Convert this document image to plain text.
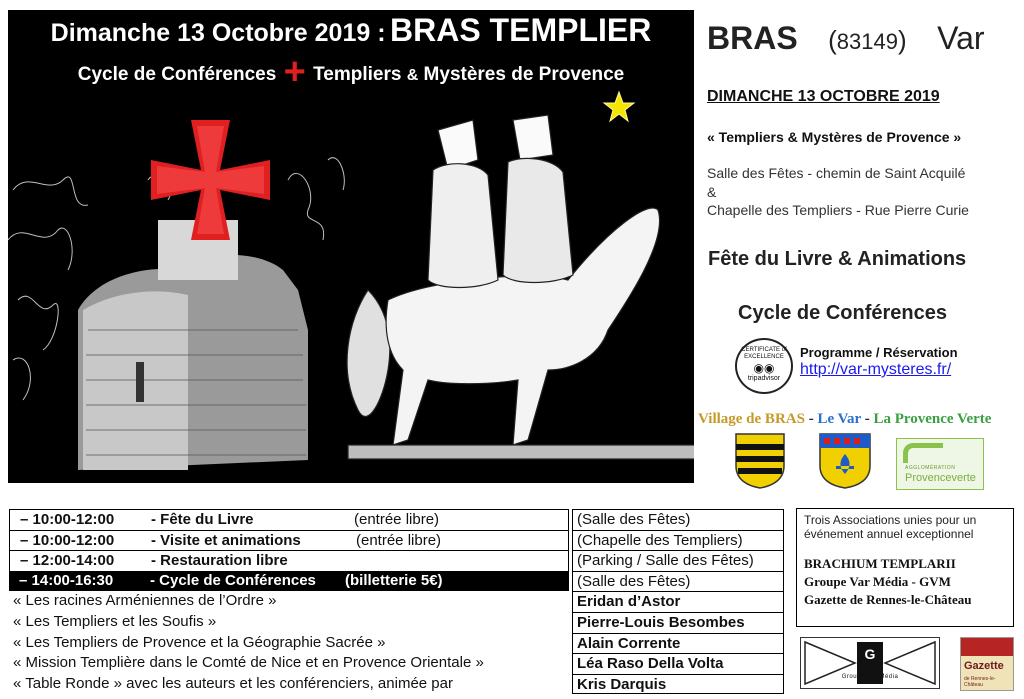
Dimanche 13 Octobre 2019 : BRAS TEMPLIER
Cycle de Conférences + Templiers & Mystères de Provence
BRAS (83149) Var
DIMANCHE 13 OCTOBRE 2019
« Templiers & Mystères de Provence »
Salle des Fêtes - chemin de Saint Acquilé
&
Chapelle des Templiers - Rue Pierre Curie
Fête du Livre & Animations
Cycle de Conférences
CERTIFICATE of EXCELLENCE
◉◉
tripadvisor
Programme / Réservation
http://var-mysteres.fr/
Village de BRAS - Le Var - La Provence Verte
AGGLOMÉRATION
Provenceverte
– 10:00-12:00 - Fête du Livre	(entrée libre)
– 10:00-12:00 - Visite et animations	(entrée libre)
– 12:00-14:00 - Restauration libre
– 14:00-16:30 - Cycle de Conférences (billetterie 5€)
« Les racines Arméniennes de l’Ordre »
« Les Templiers et les Soufis »
« Les Templiers de Provence et la Géographie Sacrée »
« Mission Templière dans le Comté de Nice et en Provence Orientale »
« Table Ronde » avec les auteurs et les conférenciers, animée par
(Salle des Fêtes)
(Chapelle des Templiers)
(Parking / Salle des Fêtes)
(Salle des Fêtes)
Eridan d’Astor
Pierre-Louis Besombes
Alain Corrente
Léa Raso Della Volta
Kris Darquis
Trois Associations unies pour un événement annuel exceptionnel
BRACHIUM TEMPLARII
Groupe Var Média - GVM
Gazette de Rennes-le-Château
G
Groupe Var Média
Gazette
de Rennes-le-Château
